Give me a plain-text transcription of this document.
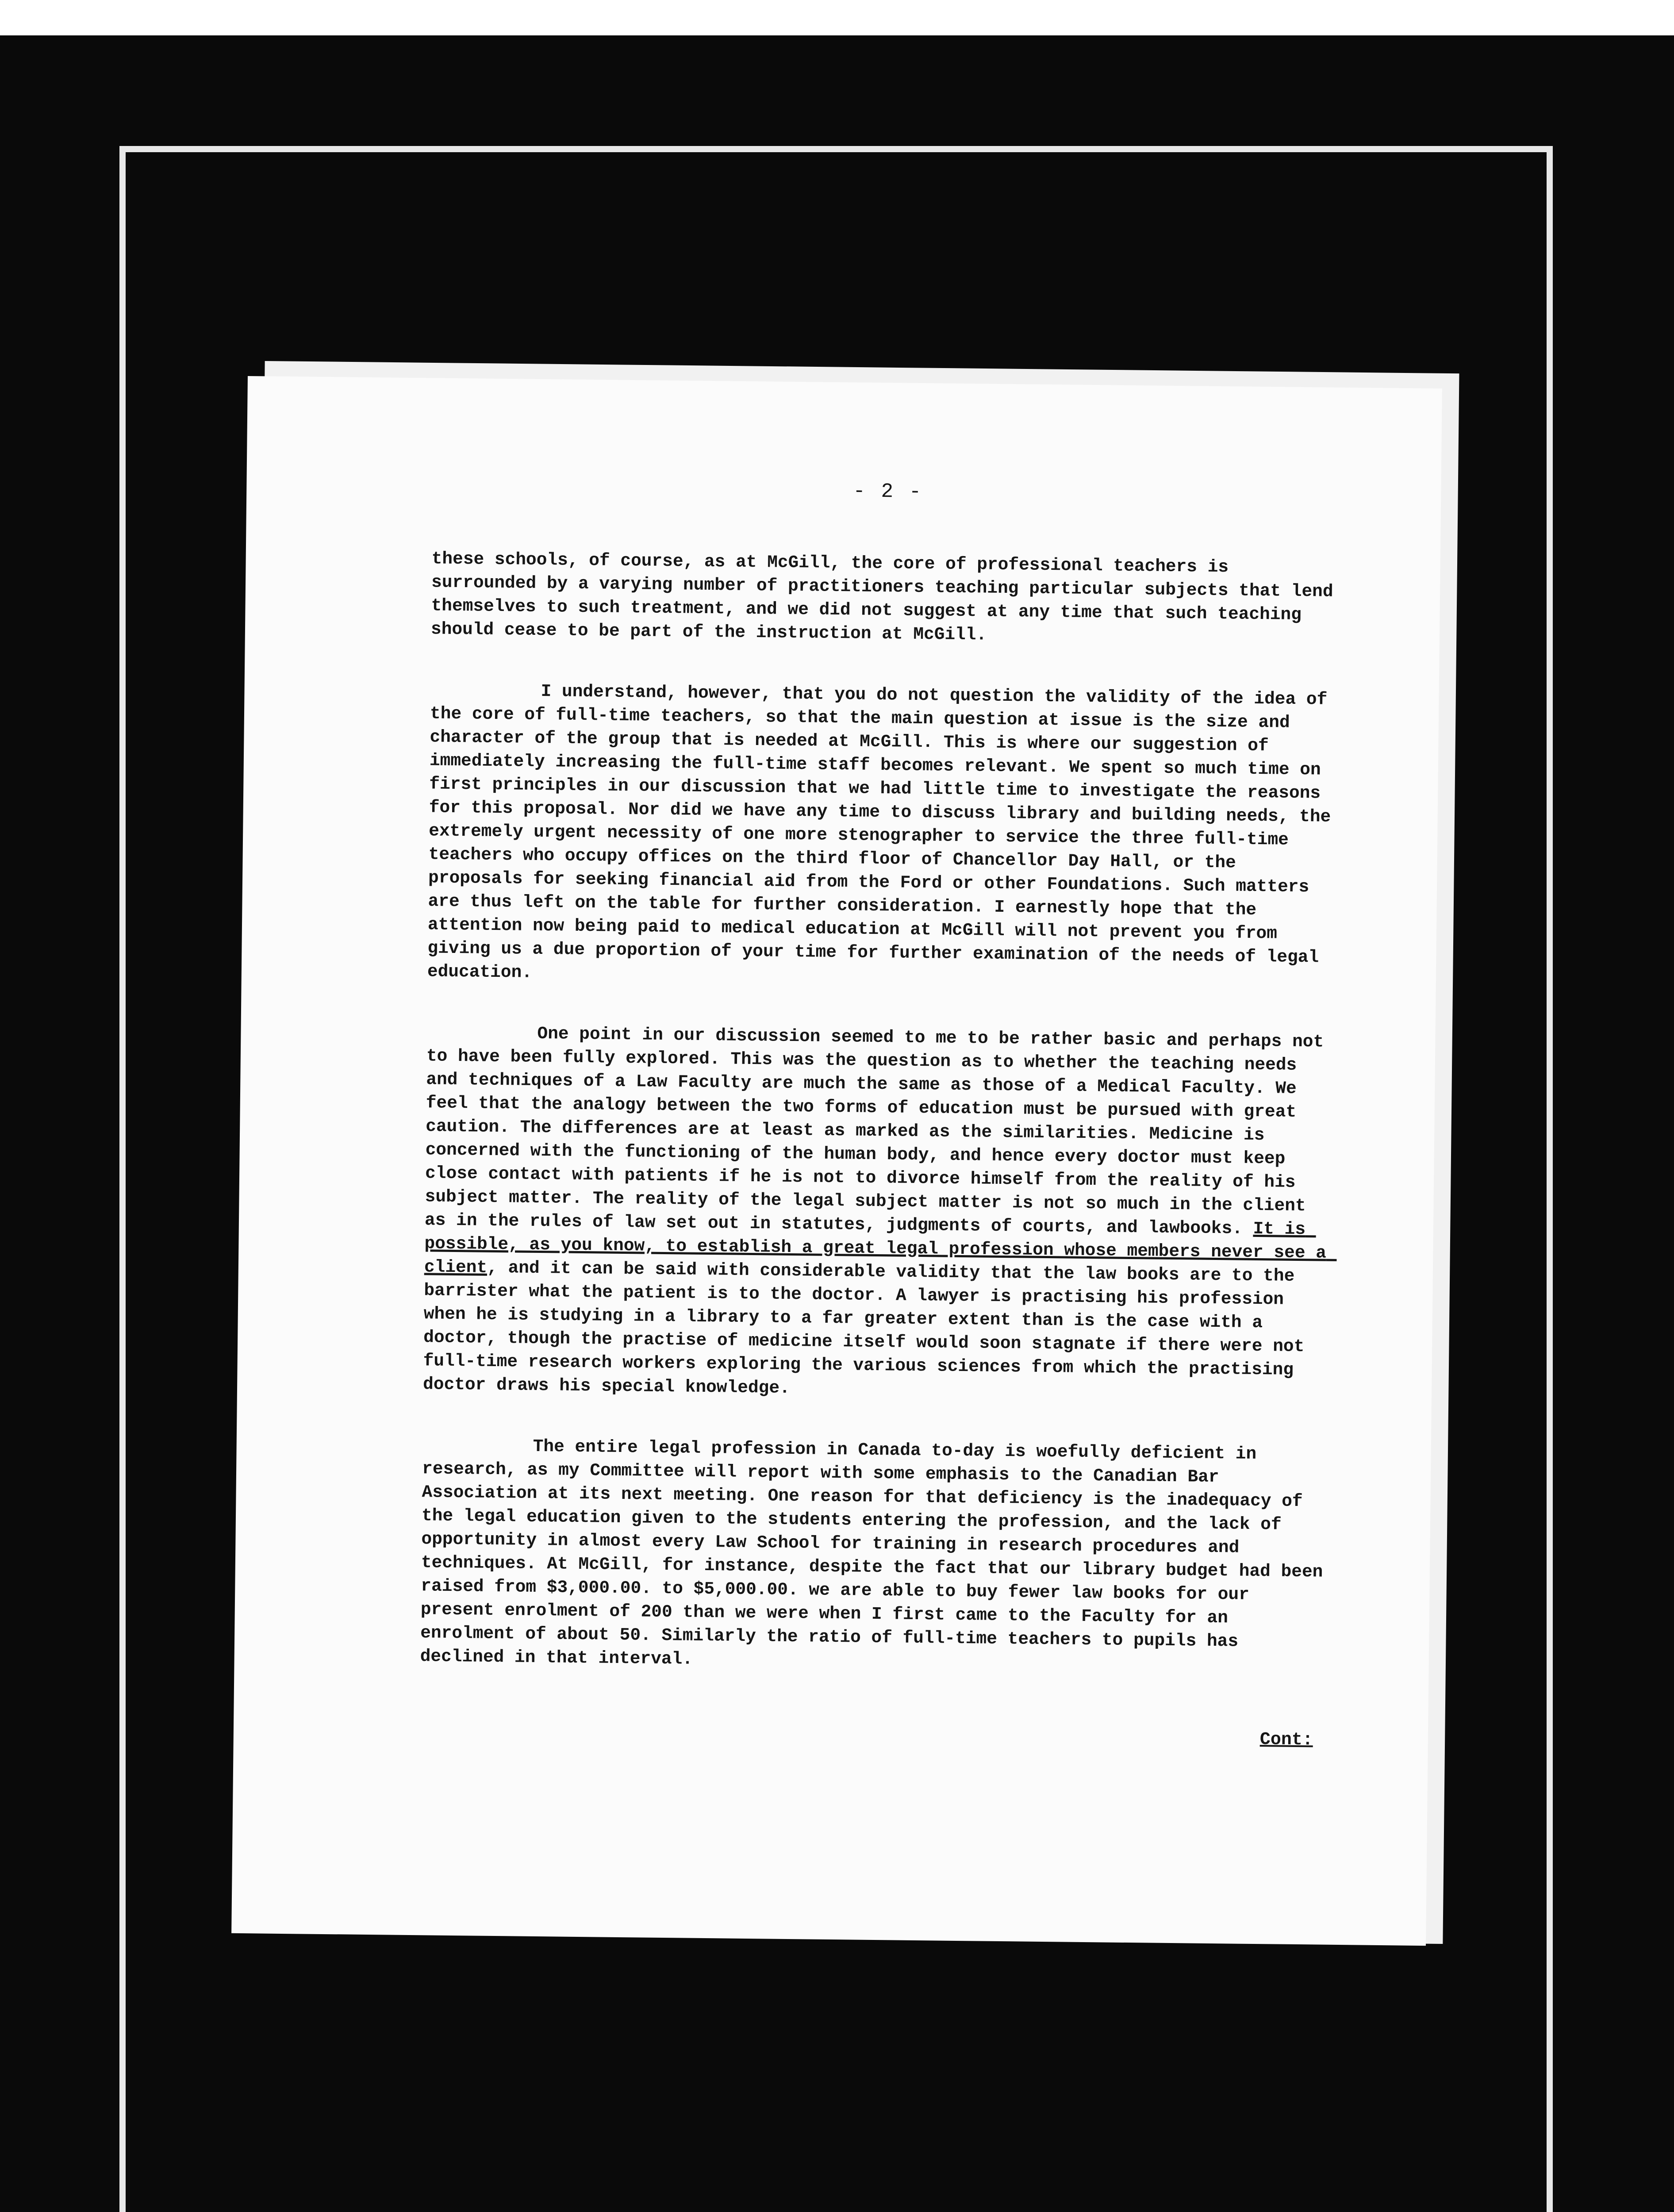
- 2 -

these schools, of course, as at McGill, the core of professional teachers is surrounded by a varying number of practitioners teaching particular subjects that lend themselves to such treatment, and we did not suggest at any time that such teaching should cease to be part of the instruction at McGill.

I understand, however, that you do not question the validity of the idea of the core of full-time teachers, so that the main question at issue is the size and character of the group that is needed at McGill. This is where our suggestion of immediately increasing the full-time staff becomes relevant. We spent so much time on first principles in our discussion that we had little time to investigate the reasons for this proposal. Nor did we have any time to discuss library and building needs, the extremely urgent necessity of one more stenographer to service the three full-time teachers who occupy offices on the third floor of Chancellor Day Hall, or the proposals for seeking financial aid from the Ford or other Foundations. Such matters are thus left on the table for further consideration. I earnestly hope that the attention now being paid to medical education at McGill will not prevent you from giving us a due proportion of your time for further examination of the needs of legal education.

One point in our discussion seemed to me to be rather basic and perhaps not to have been fully explored. This was the question as to whether the teaching needs and techniques of a Law Faculty are much the same as those of a Medical Faculty. We feel that the analogy between the two forms of education must be pursued with great caution. The differences are at least as marked as the similarities. Medicine is concerned with the functioning of the human body, and hence every doctor must keep close contact with patients if he is not to divorce himself from the reality of his subject matter. The reality of the legal subject matter is not so much in the client as in the rules of law set out in statutes, judgments of courts, and lawbooks. It is possible, as you know, to establish a great legal profession whose members never see a client, and it can be said with considerable validity that the law books are to the barrister what the patient is to the doctor. A lawyer is practising his profession when he is studying in a library to a far greater extent than is the case with a doctor, though the practise of medicine itself would soon stagnate if there were not full-time research workers exploring the various sciences from which the practising doctor draws his special knowledge.

The entire legal profession in Canada to-day is woefully deficient in research, as my Committee will report with some emphasis to the Canadian Bar Association at its next meeting. One reason for that deficiency is the inadequacy of the legal education given to the students entering the profession, and the lack of opportunity in almost every Law School for training in research procedures and techniques. At McGill, for instance, despite the fact that our library budget had been raised from $3,000.00. to $5,000.00. we are able to buy fewer law books for our present enrolment of 200 than we were when I first came to the Faculty for an enrolment of about 50. Similarly the ratio of full-time teachers to pupils has declined in that interval.

Cont:
